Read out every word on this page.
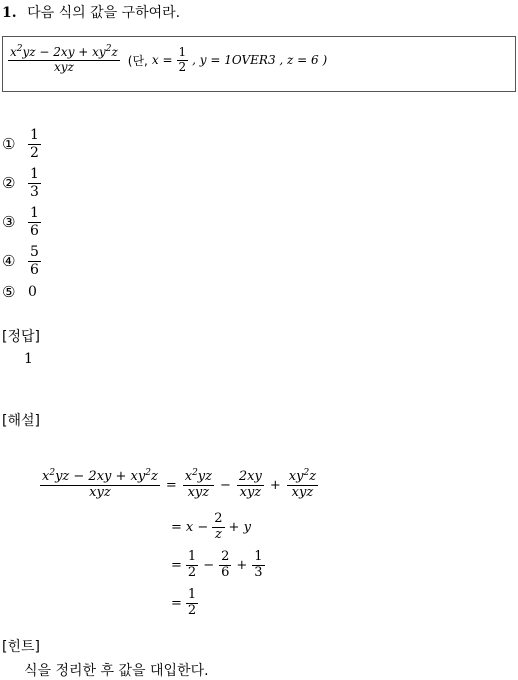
1. 다음 식의 값을 구하여라.
$\frac{x^2yz - 2xy + xy^2z}{\text{xyz}}$ (단, $x = \frac{1}{2}$ , y = 1OVER3 , z = 6 )
① $\frac{1}{2}$
② $\frac{1}{3}$
③ $\frac{1}{6}$
④ $\frac{5}{6}$
⑤ 0
[정답]
1
[해설]
$\frac{x^2yz - 2xy + xy^2z}{\text{xyz}} = \frac{x^2yz}{\text{xyz}} - \frac{2xy}{\text{xyz}} + \frac{xy^2z}{\text{xyz}}$
= $x - \frac{2}{z} + y$
= $\frac{1}{2} - \frac{2}{6} + \frac{1}{3}$
= $\frac{1}{2}$
[힌트]
식을 정리한 후 값을 대입한다.
